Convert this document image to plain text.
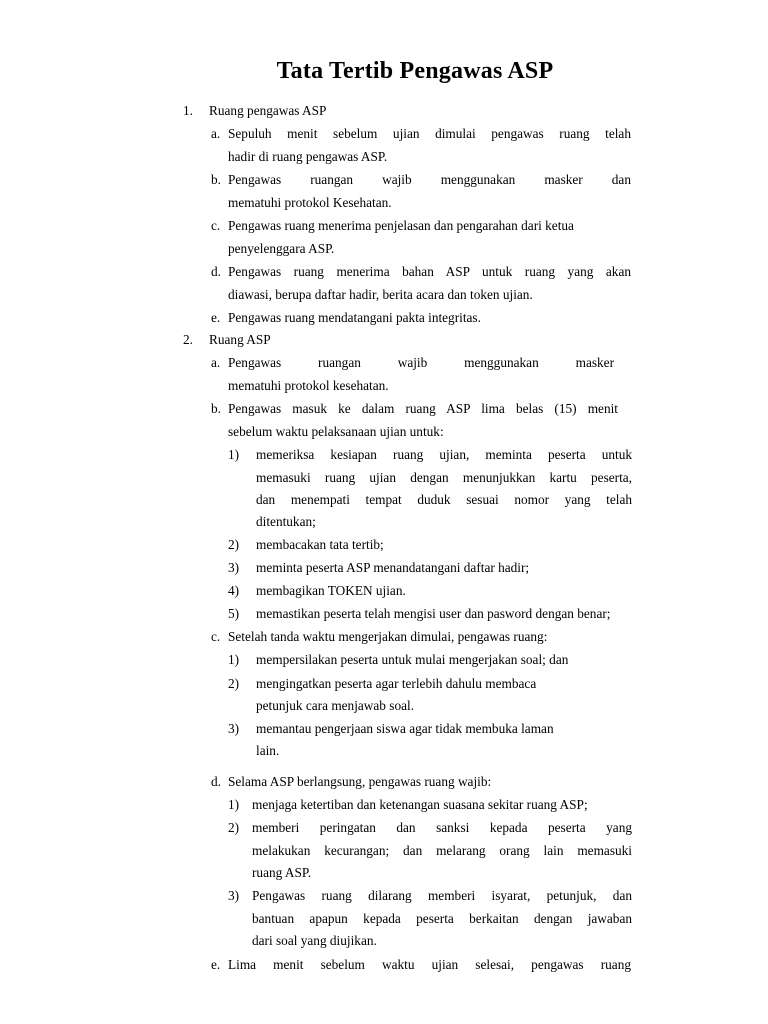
Tata Tertib Pengawas ASP
1. Ruang pengawas ASP
a. Sepuluh menit sebelum ujian dimulai pengawas ruang telah
hadir di ruang pengawas ASP.
b. Pengawas ruangan wajib menggunakan masker dan
mematuhi protokol Kesehatan.
c. Pengawas ruang menerima penjelasan dan pengarahan dari ketua
penyelenggara ASP.
d. Pengawas ruang menerima bahan ASP untuk ruang yang akan
diawasi, berupa daftar hadir, berita acara dan token ujian.
e. Pengawas ruang mendatangani pakta integritas.
2. Ruang ASP
a. Pengawas ruangan wajib menggunakan masker
mematuhi protokol kesehatan.
b. Pengawas masuk ke dalam ruang ASP lima belas (15) menit
sebelum waktu pelaksanaan ujian untuk:
1) memeriksa kesiapan ruang ujian, meminta peserta untuk
memasuki ruang ujian dengan menunjukkan kartu peserta,
dan menempati tempat duduk sesuai nomor yang telah
ditentukan;
2) membacakan tata tertib;
3) meminta peserta ASP menandatangani daftar hadir;
4) membagikan TOKEN ujian.
5) memastikan peserta telah mengisi user dan pasword dengan benar;
c. Setelah tanda waktu mengerjakan dimulai, pengawas ruang:
1) mempersilakan peserta untuk mulai mengerjakan soal; dan
2) mengingatkan peserta agar terlebih dahulu membaca
petunjuk cara menjawab soal.
3) memantau pengerjaan siswa agar tidak membuka laman
lain.
d. Selama ASP berlangsung, pengawas ruang wajib:
1) menjaga ketertiban dan ketenangan suasana sekitar ruang ASP;
2) memberi peringatan dan sanksi kepada peserta yang
melakukan kecurangan; dan melarang orang lain memasuki
ruang ASP.
3) Pengawas ruang dilarang memberi isyarat, petunjuk, dan
bantuan apapun kepada peserta berkaitan dengan jawaban
dari soal yang diujikan.
e. Lima menit sebelum waktu ujian selesai, pengawas ruang
